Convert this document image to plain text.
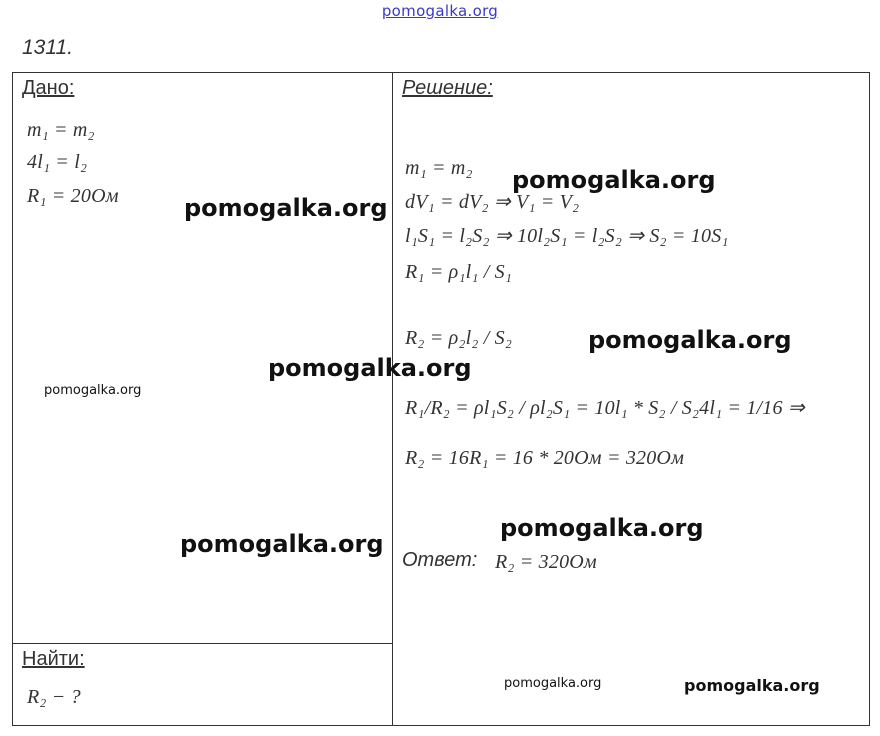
pomogalka.org
1311.
Дано:
m₁ = m₂
4l₁ = l₂
R₁ = 20Ом
Найти:
R₂ − ?
Решение:
m₁ = m₂
dV₁ = dV₂ ⇒ V₁ = V₂
l₁S₁ = l₂S₂ ⇒ 10l₂S₁ = l₂S₂ ⇒ S₂ = 10S₁
R₁ = ρ₁l₁ / S₁
R₂ = ρ₂l₂ / S₂
R₁/R₂ = ρl₁S₂ / ρl₂S₁ = 10l₁ * S₂ / S₂4l₁ = 1/16 ⇒
R₂ = 16R₁ = 16 * 20Ом = 320Ом
Ответ: R₂ = 320Ом
pomogalka.org
pomogalka.org
pomogalka.org
pomogalka.org
pomogalka.org
pomogalka.org
pomogalka.org
pomogalka.org	pomogalka.org
